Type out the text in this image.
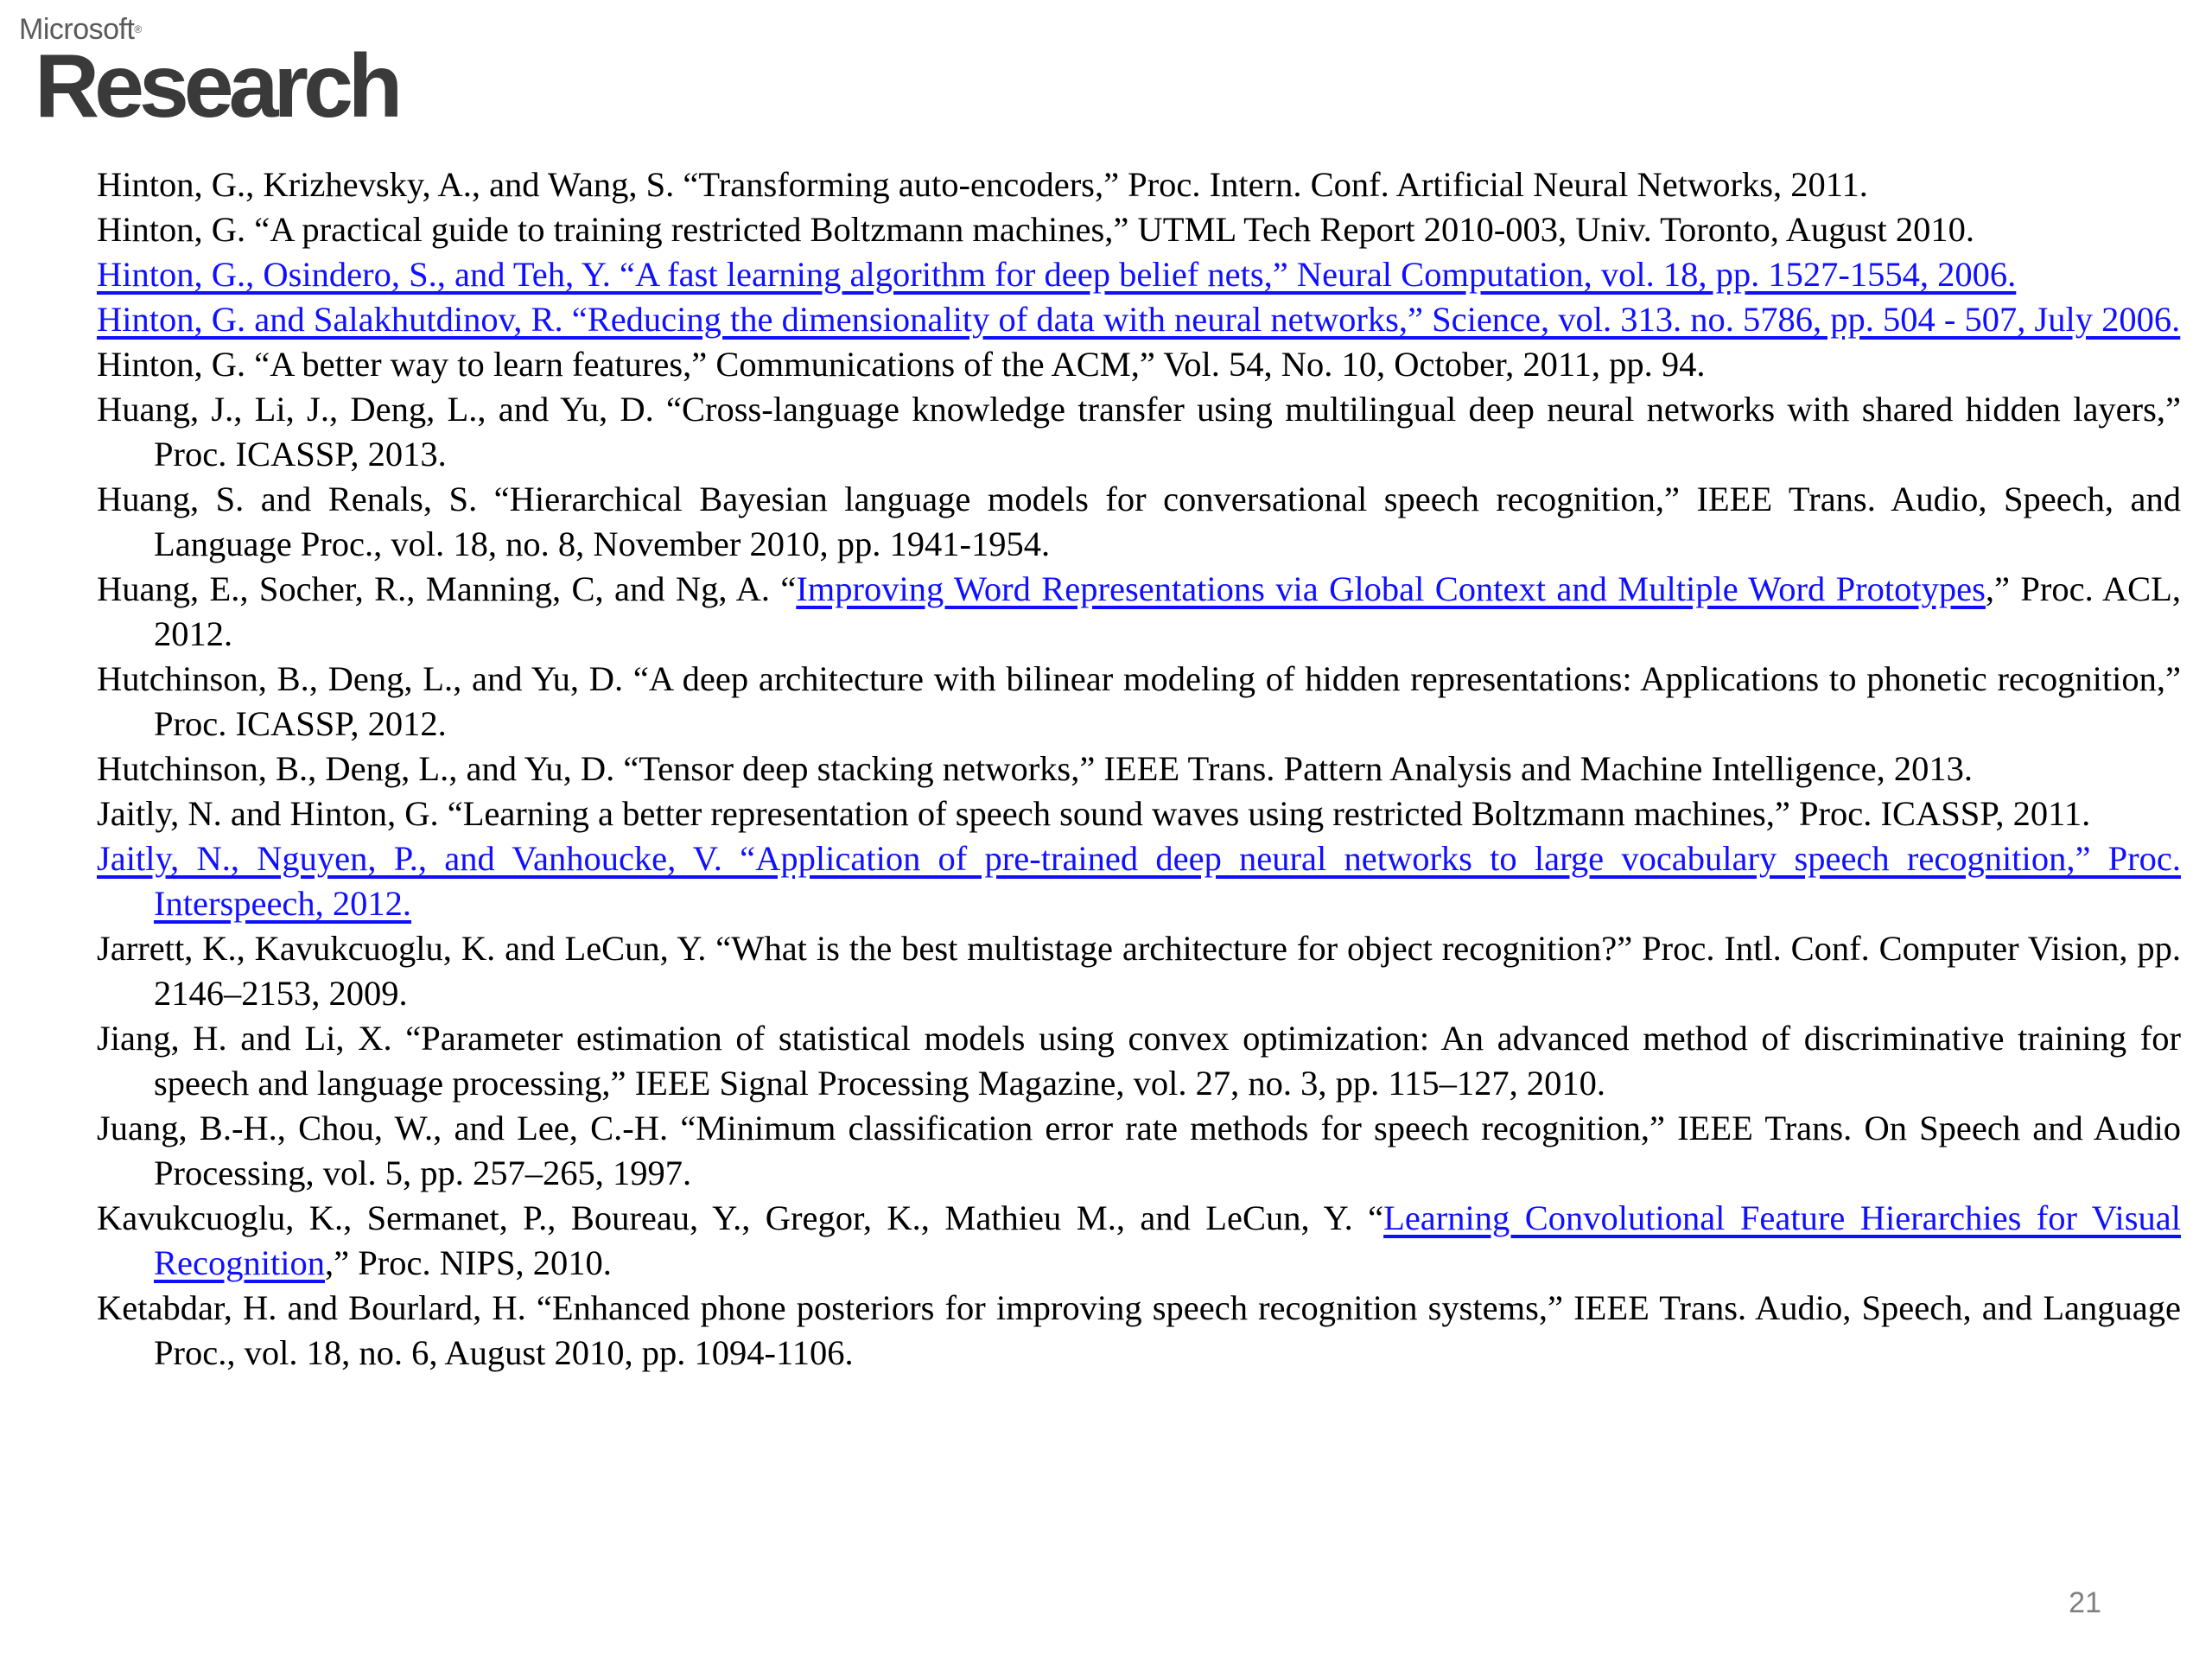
Microsoft®
Research

Hinton, G., Krizhevsky, A., and Wang, S. “Transforming auto-encoders,” Proc. Intern. Conf. Artificial Neural Networks, 2011.

Hinton, G. “A practical guide to training restricted Boltzmann machines,” UTML Tech Report 2010-003, Univ. Toronto, August 2010.

Hinton, G., Osindero, S., and Teh, Y. “A fast learning algorithm for deep belief nets,” Neural Computation, vol. 18, pp. 1527-1554, 2006.

Hinton, G. and Salakhutdinov, R. “Reducing the dimensionality of data with neural networks,” Science, vol. 313. no. 5786, pp. 504 - 507, July 2006.

Hinton, G. “A better way to learn features,” Communications of the ACM,” Vol. 54, No. 10, October, 2011, pp. 94.

Huang, J., Li, J., Deng, L., and Yu, D. “Cross-language knowledge transfer using multilingual deep neural networks with shared hidden layers,” Proc. ICASSP, 2013.

Huang, S. and Renals, S. “Hierarchical Bayesian language models for conversational speech recognition,” IEEE Trans. Audio, Speech, and Language Proc., vol. 18, no. 8, November 2010, pp. 1941-1954.

Huang, E., Socher, R., Manning, C, and Ng, A. “Improving Word Representations via Global Context and Multiple Word Prototypes,” Proc. ACL, 2012.

Hutchinson, B., Deng, L., and Yu, D. “A deep architecture with bilinear modeling of hidden representations: Applications to phonetic recognition,” Proc. ICASSP, 2012.

Hutchinson, B., Deng, L., and Yu, D. “Tensor deep stacking networks,” IEEE Trans. Pattern Analysis and Machine Intelligence, 2013.

Jaitly, N. and Hinton, G. “Learning a better representation of speech sound waves using restricted Boltzmann machines,” Proc. ICASSP, 2011.

Jaitly, N., Nguyen, P., and Vanhoucke, V. “Application of pre-trained deep neural networks to large vocabulary speech recognition,” Proc. Interspeech, 2012.

Jarrett, K., Kavukcuoglu, K. and LeCun, Y. “What is the best multistage architecture for object recognition?” Proc. Intl. Conf. Computer Vision, pp. 2146–2153, 2009.

Jiang, H. and Li, X. “Parameter estimation of statistical models using convex optimization: An advanced method of discriminative training for speech and language processing,” IEEE Signal Processing Magazine, vol. 27, no. 3, pp. 115–127, 2010.

Juang, B.-H., Chou, W., and Lee, C.-H. “Minimum classification error rate methods for speech recognition,” IEEE Trans. On Speech and Audio Processing, vol. 5, pp. 257–265, 1997.

Kavukcuoglu, K., Sermanet, P., Boureau, Y., Gregor, K., Mathieu M., and LeCun, Y. “Learning Convolutional Feature Hierarchies for Visual Recognition,” Proc. NIPS, 2010.

Ketabdar, H. and Bourlard, H. “Enhanced phone posteriors for improving speech recognition systems,” IEEE Trans. Audio, Speech, and Language Proc., vol. 18, no. 6, August 2010, pp. 1094-1106.

21
